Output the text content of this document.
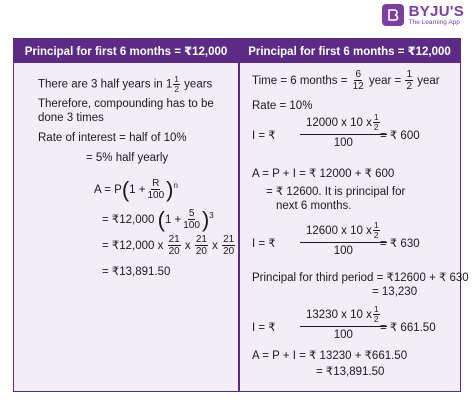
BYJU'S
The Learning App
Principal for first 6 months = ₹12,000	Principal for first 6 months = ₹12,000
There are 3 half years in $1 \frac{1}{2}$ years
Therefore, compounding has to be
done 3 times
Rate of interest = half of 10%
= 5% half yearly
$A = P(1 + \frac{R}{100} )^n$
= ₹12,000 $(1 + \frac{5}{100} )^3$
= ₹12,000 x $\frac{21}{20}$ x $\frac{21}{20}$ x $\frac{21}{20}$
= ₹13,891.50
Time = 6 months = $\frac{6}{12}$ year = $\frac{1}{2}$ year
Rate = 10%
I = ₹ $\frac{12000 x 10 x \frac{1}{2}}{100}$
= ₹ 600
A = P + I = ₹ 12000 + ₹ 600
= ₹ 12600. It is principal for
next 6 months.
I = ₹ $\frac{12600 x 10 x \frac{1}{2}}{100}$
= ₹ 630
Principal for third period = ₹12600 + ₹ 630
= 13,230
I = ₹ $\frac{13230 x 10 x \frac{1}{2}}{100}$
= ₹ 661.50
A = P + I = ₹ 13230 + ₹661.50
= ₹13,891.50
